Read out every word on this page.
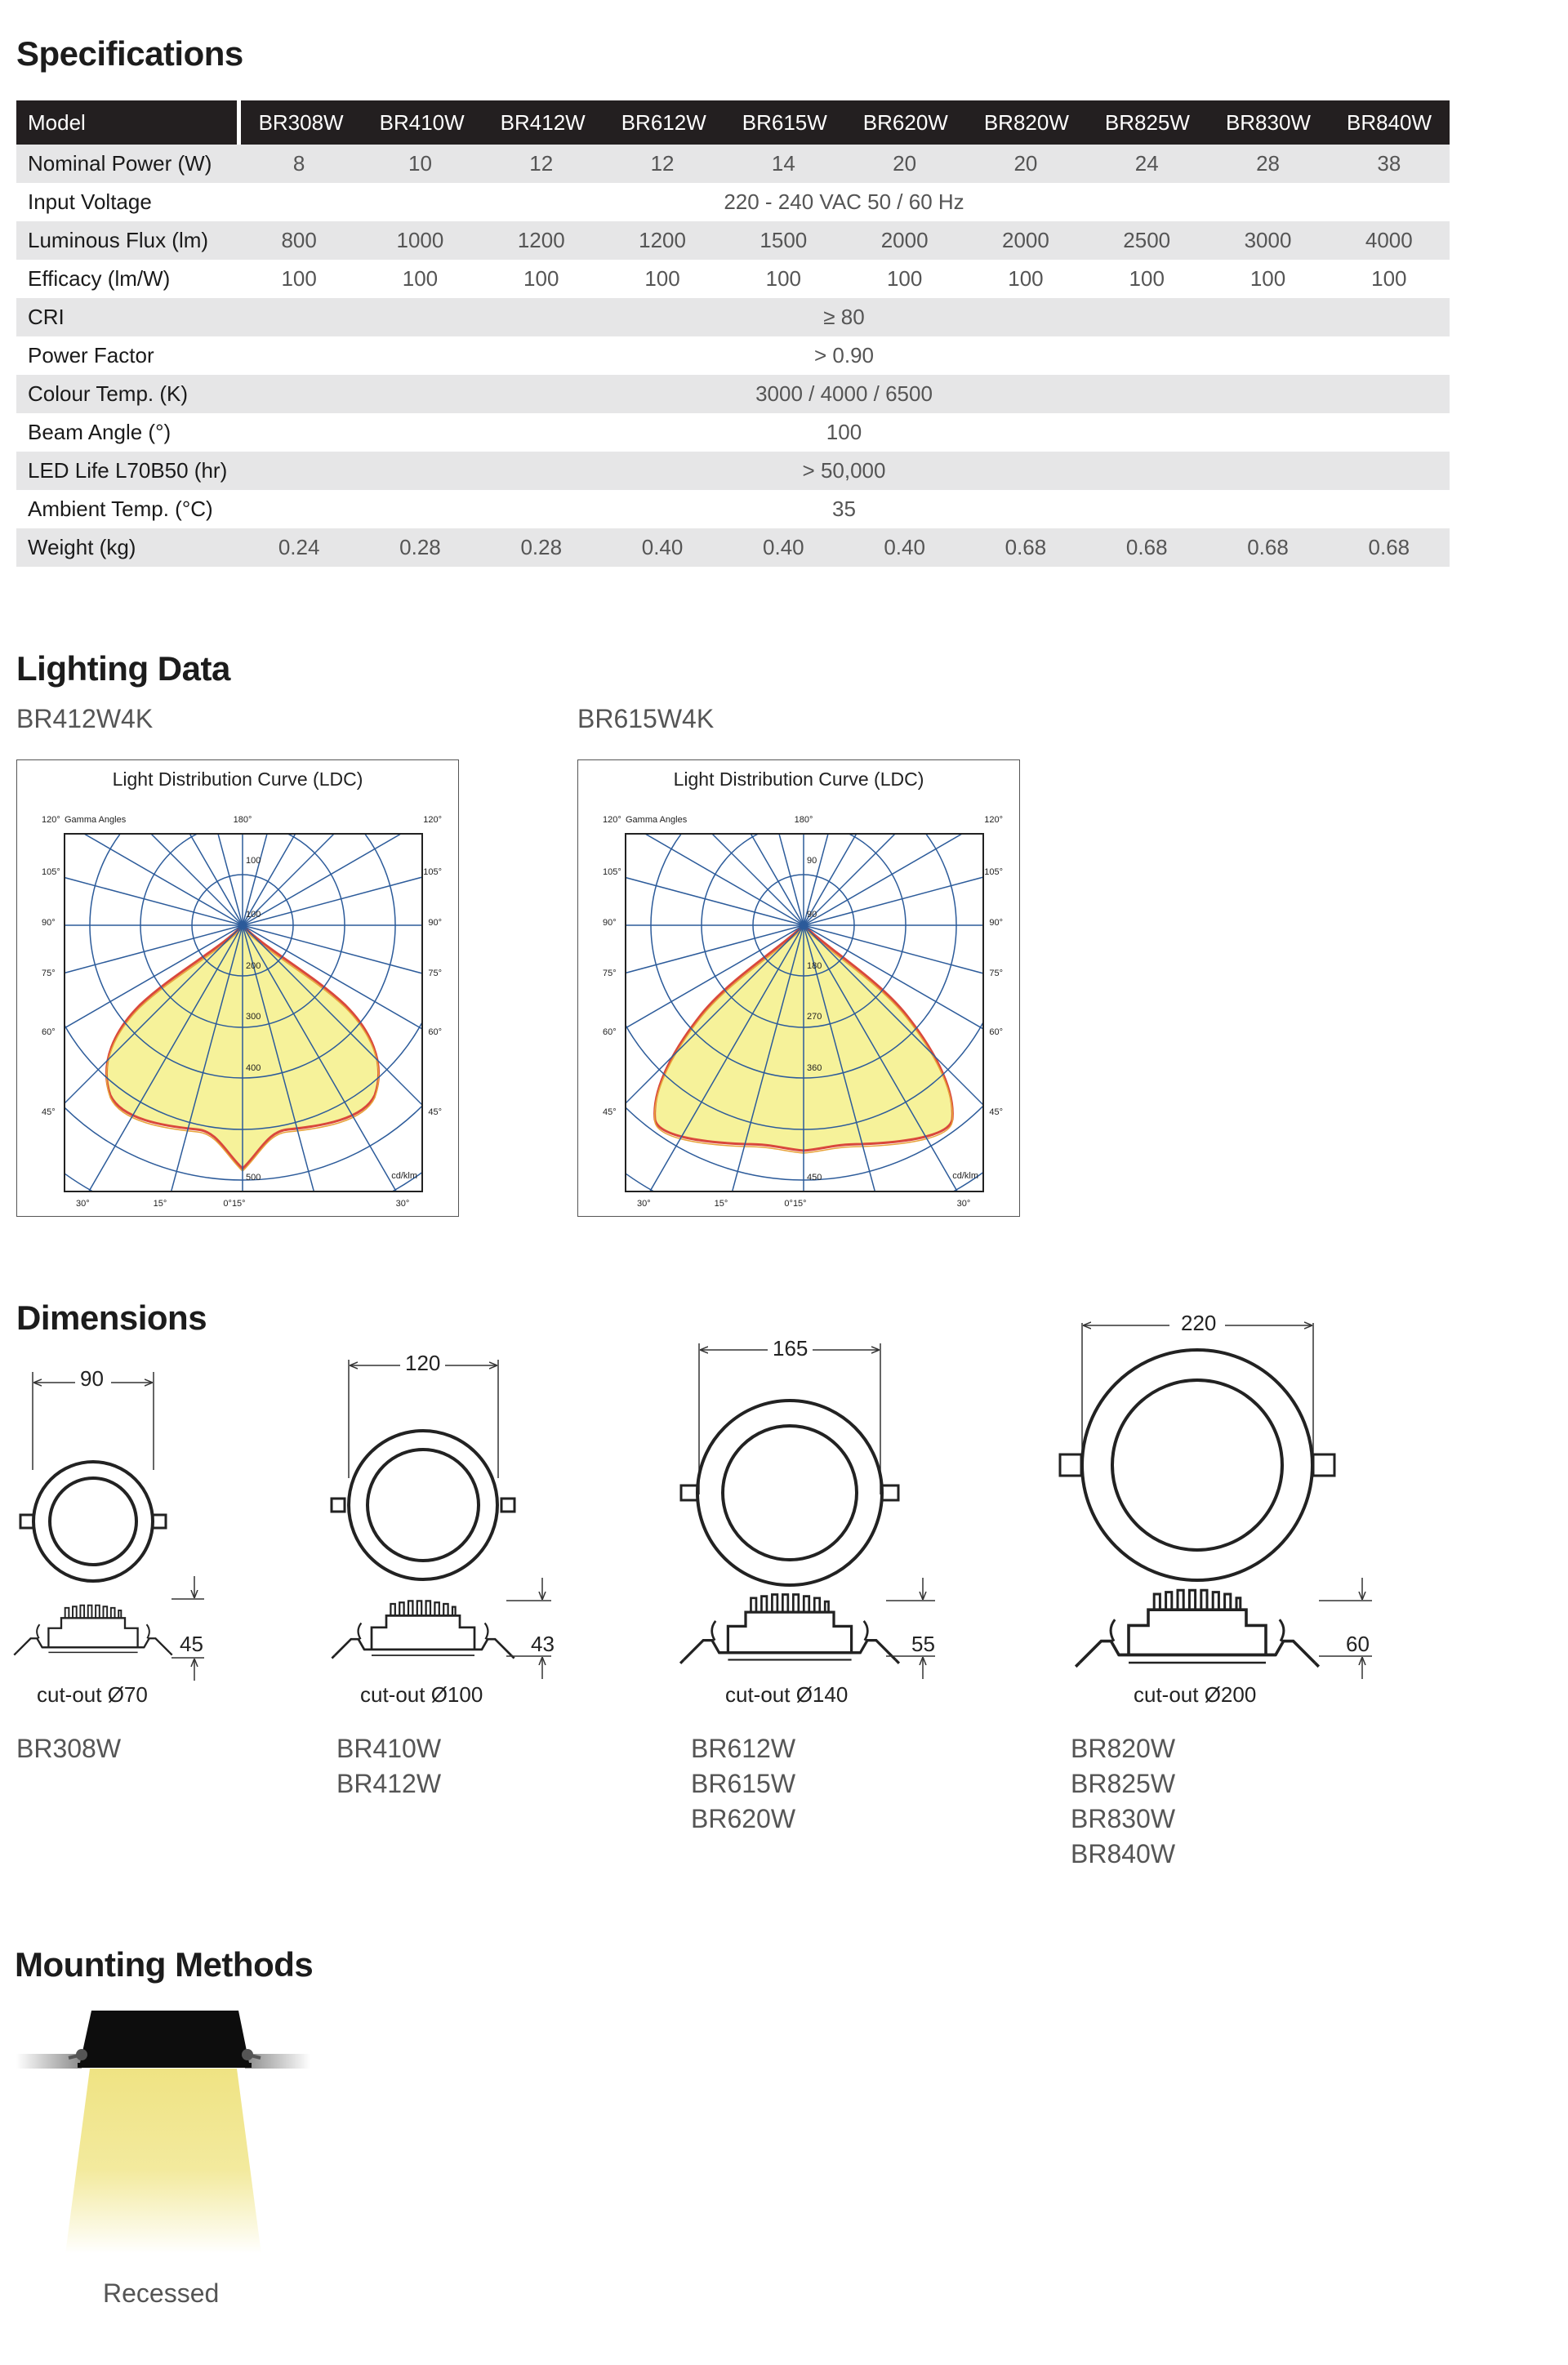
Specifications
Model	BR308W	BR410W	BR412W	BR612W	BR615W	BR620W	BR820W	BR825W	BR830W	BR840W
Nominal Power (W)	8	10	12	12	14	20	20	24	28	38
Input Voltage	220 - 240 VAC 50 / 60 Hz
Luminous Flux (lm)	800	1000	1200	1200	1500	2000	2000	2500	3000	4000
Efficacy (lm/W)	100	100	100	100	100	100	100	100	100	100
CRI	≥ 80
Power Factor	> 0.90
Colour Temp. (K)	3000 / 4000 / 6500
Beam Angle (°)	100
LED Life L70B50 (hr)	> 50,000
Ambient Temp. (°C)	35
Weight (kg)	0.24	0.28	0.28	0.40	0.40	0.40	0.68	0.68	0.68	0.68
Lighting Data
BR412W4K	BR615W4K
Light Distribution Curve (LDC)
120° Gamma Angles	180°	120°
105°	105°
90°	90°
75°	75°
60°	60°
45°	45°
30°	15°	0°15°	30°
cd/klm
100
100
200
300
400
500
Light Distribution Curve (LDC)
120° Gamma Angles	180°	120°
105°	105°
90°	90°
75°	75°
60°	60°
45°	45°
30°	15°	0°15°	30°
cd/klm
90
90
180
270
360
450
Dimensions
90
45
cut-out Ø70
120
43
cut-out Ø100
165
55
cut-out Ø140
220
60
cut-out Ø200
BR308W	BR410W
BR412W
BR612W
BR615W
BR620W
BR820W
BR825W
BR830W
BR840W
Mounting Methods
Recessed
